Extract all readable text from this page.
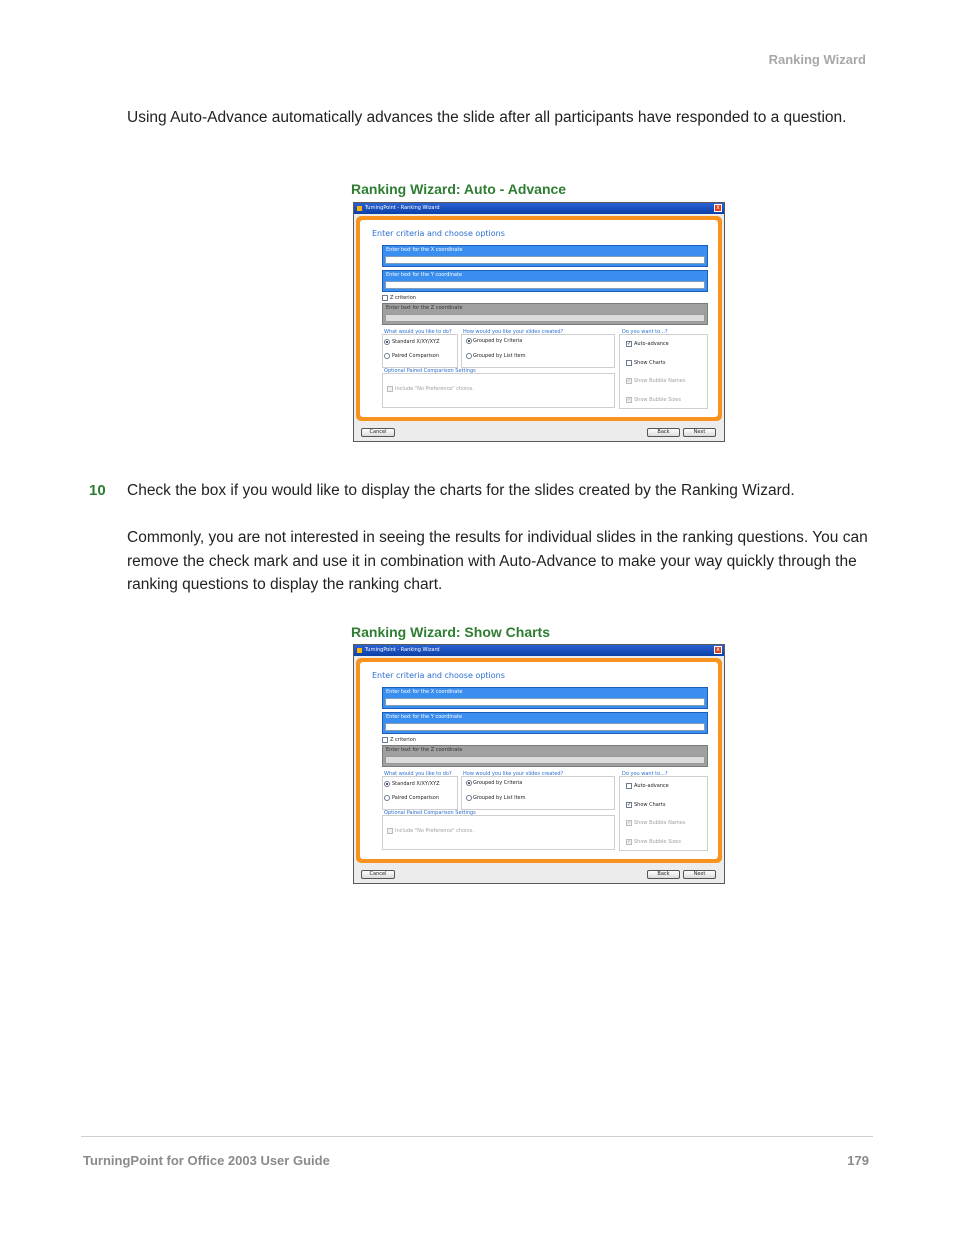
Ranking Wizard
Using Auto-Advance automatically advances the slide after all participants have responded to a question.
Ranking Wizard: Auto - Advance
TurningPoint - Ranking Wizard	x
Enter criteria and choose options
Enter text for the X coordinate
Enter text for the Y coordinate
Z criterion
Enter text for the Z coordinate
What would you like to do?
Standard X/XY/XYZ
Paired Comparison
How would you like your slides created?
Grouped by Criteria
Grouped by List Item
Optional Paired Comparison Settings
Include "No Preference" choice.
Do you want to...?
✓ Auto-advance
Show Charts
✓ Show Bubble Names
✓ Show Bubble Sizes
Cancel	Back	Next
10 Check the box if you would like to display the charts for the slides created by the Ranking Wizard.
Commonly, you are not interested in seeing the results for individual slides in the ranking questions. You can remove the check mark and use it in combination with Auto-Advance to make your way quickly through the ranking questions to display the ranking chart.
Ranking Wizard: Show Charts
TurningPoint - Ranking Wizard	x
Enter criteria and choose options
Enter text for the X coordinate
Enter text for the Y coordinate
Z criterion
Enter text for the Z coordinate
What would you like to do?
Standard X/XY/XYZ
Paired Comparison
How would you like your slides created?
Grouped by Criteria
Grouped by List Item
Optional Paired Comparison Settings
Include "No Preference" choice.
Do you want to...?
Auto-advance
✓ Show Charts
✓ Show Bubble Names
✓ Show Bubble Sizes
Cancel	Back	Next
TurningPoint for Office 2003 User Guide	179
